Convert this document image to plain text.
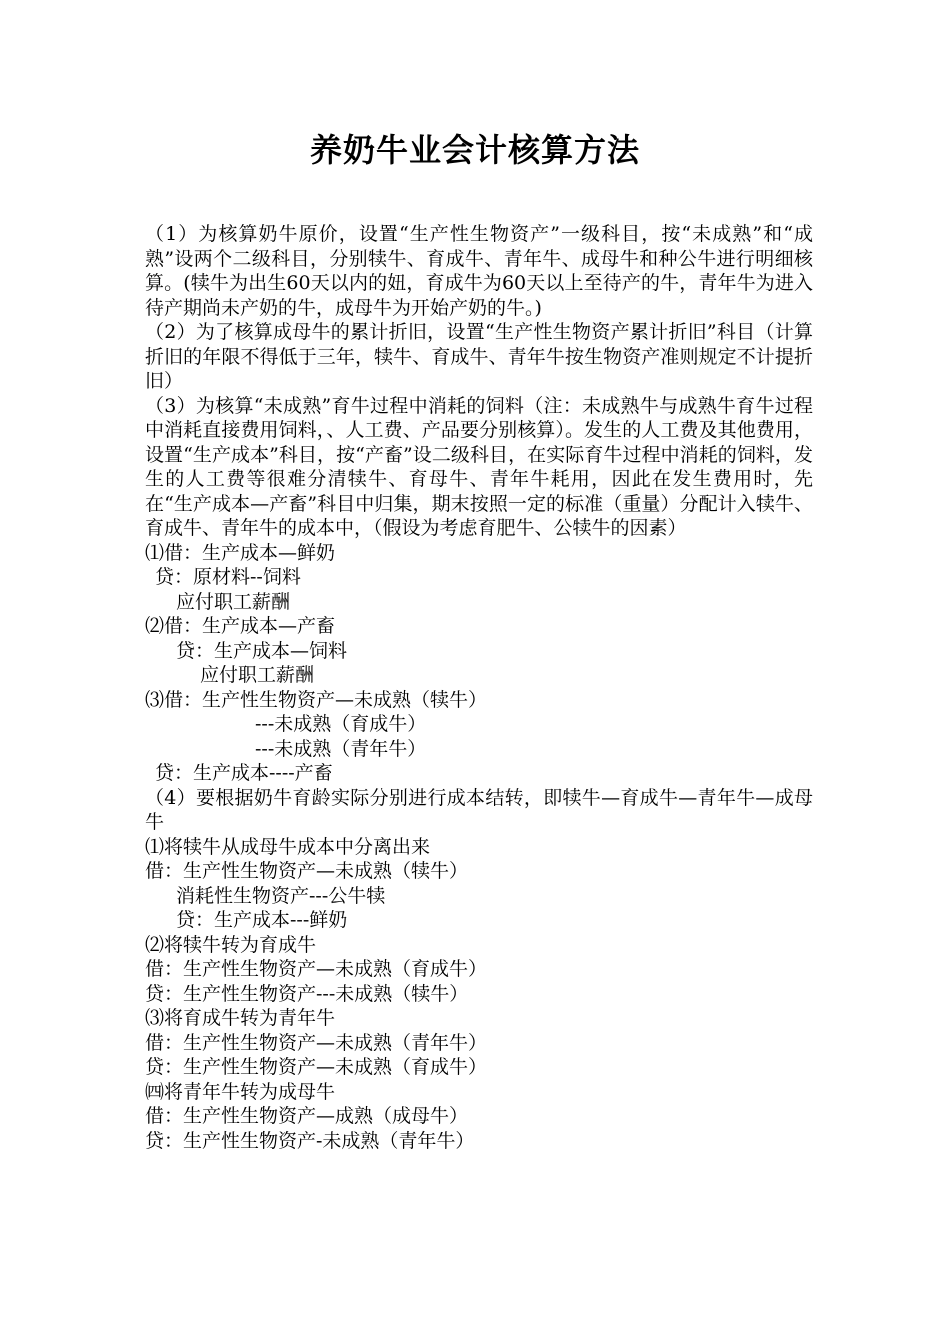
养奶牛业会计核算方法

（1）为核算奶牛原价，设置“生产性生物资产”一级科目，按“未成熟”和“成熟”设两个二级科目，分别犊牛、育成牛、青年牛、成母牛和种公牛进行明细核算。(犊牛为出生60天以内的妞，育成牛为60天以上至待产的牛，青年牛为进入待产期尚未产奶的牛，成母牛为开始产奶的牛。)

（2）为了核算成母牛的累计折旧，设置“生产性生物资产累计折旧”科目（计算折旧的年限不得低于三年，犊牛、育成牛、青年牛按生物资产准则规定不计提折旧）

（3）为核算“未成熟”育牛过程中消耗的饲料（注：未成熟牛与成熟牛育牛过程中消耗直接费用饲料，、人工费、产品要分别核算）。发生的人工费及其他费用，设置“生产成本”科目，按“产畜”设二级科目，在实际育牛过程中消耗的饲料，发生的人工费等很难分清犊牛、育母牛、青年牛耗用，因此在发生费用时，先在“生产成本—产畜”科目中归集，期末按照一定的标准（重量）分配计入犊牛、育成牛、青年牛的成本中，（假设为考虑育肥牛、公犊牛的因素）

⑴借：生产成本—鲜奶
贷：原材料--饲料
应付职工薪酬
⑵借：生产成本—产畜
贷：生产成本—饲料
应付职工薪酬
⑶借：生产性生物资产—未成熟（犊牛）
---未成熟（育成牛）
---未成熟（青年牛）
贷：生产成本----产畜

（4）要根据奶牛育龄实际分别进行成本结转，即犊牛—育成牛—青年牛—成母牛

⑴将犊牛从成母牛成本中分离出来
借：生产性生物资产—未成熟（犊牛）
消耗性生物资产---公牛犊
贷：生产成本---鲜奶
⑵将犊牛转为育成牛
借：生产性生物资产—未成熟（育成牛）
贷：生产性生物资产---未成熟（犊牛）
⑶将育成牛转为青年牛
借：生产性生物资产—未成熟（青年牛）
贷：生产性生物资产—未成熟（育成牛）
㈣将青年牛转为成母牛
借：生产性生物资产—成熟（成母牛）
贷：生产性生物资产-未成熟（青年牛）
